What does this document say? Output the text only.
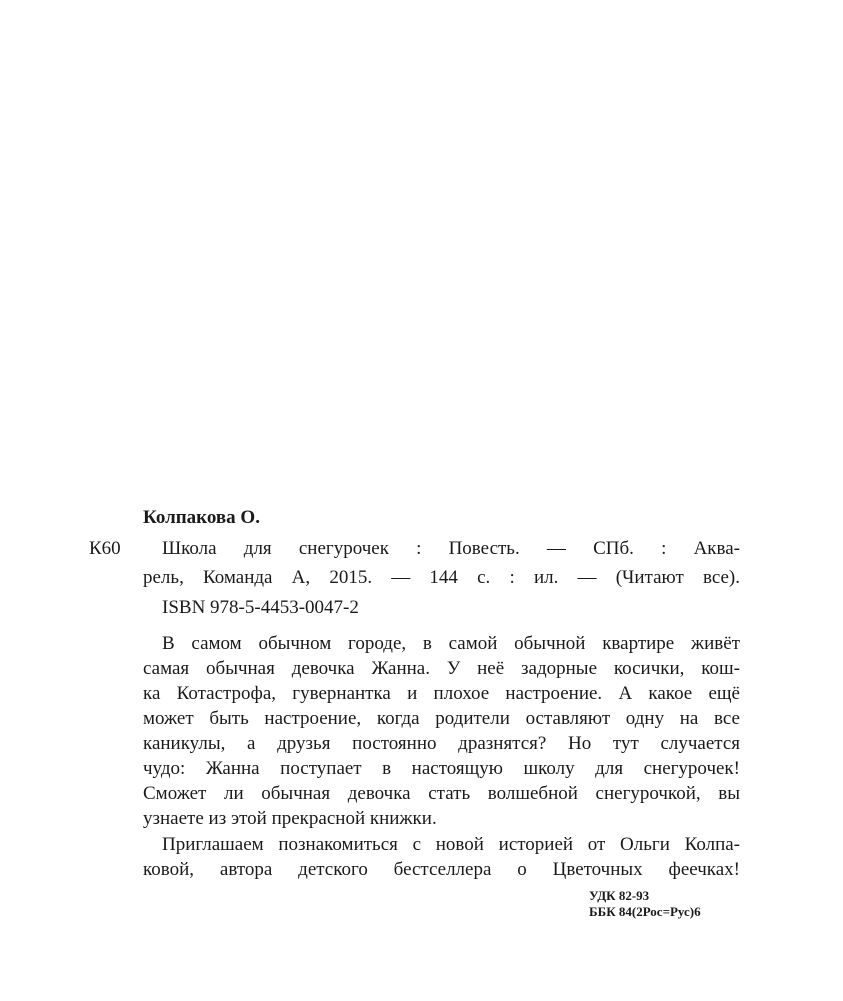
Колпакова О.
К60 Школа для снегурочек : Повесть. — СПб. : Аква-
рель, Команда А, 2015. — 144 с. : ил. — (Читают все).
ISBN 978-5-4453-0047-2
В самом обычном городе, в самой обычной квартире живёт
самая обычная девочка Жанна. У неё задорные косички, кош-
ка Котастрофа, гувернантка и плохое настроение. А какое ещё
может быть настроение, когда родители оставляют одну на все
каникулы, а друзья постоянно дразнятся? Но тут случается
чудо: Жанна поступает в настоящую школу для снегурочек!
Сможет ли обычная девочка стать волшебной снегурочкой, вы
узнаете из этой прекрасной книжки.
Приглашаем познакомиться с новой историей от Ольги Колпа-
ковой, автора детского бестселлера о Цветочных феечках!
УДК 82-93
ББК 84(2Рос=Рус)6
